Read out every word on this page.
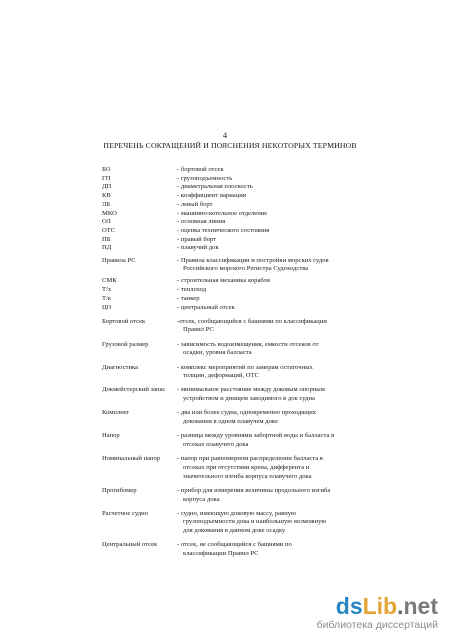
4
ПЕРЕЧЕНЬ СОКРАЩЕНИЙ И ПОЯСНЕНИЯ НЕКОТОРЫХ ТЕРМИНОВ
БО	- бортовой отсек
ГП	- грузоподъемность
ДП	- диаметральная плоскость
КВ	- коэффициент вариации
ЛБ	- левый борт
МКО	- машинно-котельное отделение
ОЛ	- основная линия
ОТС	- оценка технического состояния
ПБ	- правый борт
ПД	- плавучий док
Правила РС	- Правила классификации и постройки морских судов
Российского морского Регистра Судоходства
СМК	- строительная механика корабля
Т/х	- теплоход
Т/к	- танкер
ЦО	- центральный отсек
Бортовой отсек	-отсек, сообщающийся с башнями по классификации
Правил РС
Грузовой размер	- зависимость водоизмещения, емкости отсеков от
осадки, уровня балласта
Диагностика	- комплекс мероприятий по замерам остаточных
толщин, деформаций, ОТС
Докмейстерский запас	- минимальное расстояние между доковым опорным
устройством и днищем заводимого в док судна
Комплект	- два или более судна, одновременно проходящих
докования в одном плавучем доке
Напор	- разница между уровнями забортной воды и балласта в
отсеках плавучего дока
Номинальный напор	- напор при равномерном распределении балласта в
отсеках при отсутствии крена, дифферента и
значительного изгиба корпуса плавучего дока
Прогибомер	- прибор для измерения величины продольного изгиба
корпуса дока
Расчетное судно	- судно, имеющую доковую массу, равную
грузоподъемности дока и наибольшую возможную
для докования в данном доке осадку
Центральный отсек	- отсек, не сообщающийся с башнями по
классификации Правил РС
dsLib.net
библиотека диссертаций
